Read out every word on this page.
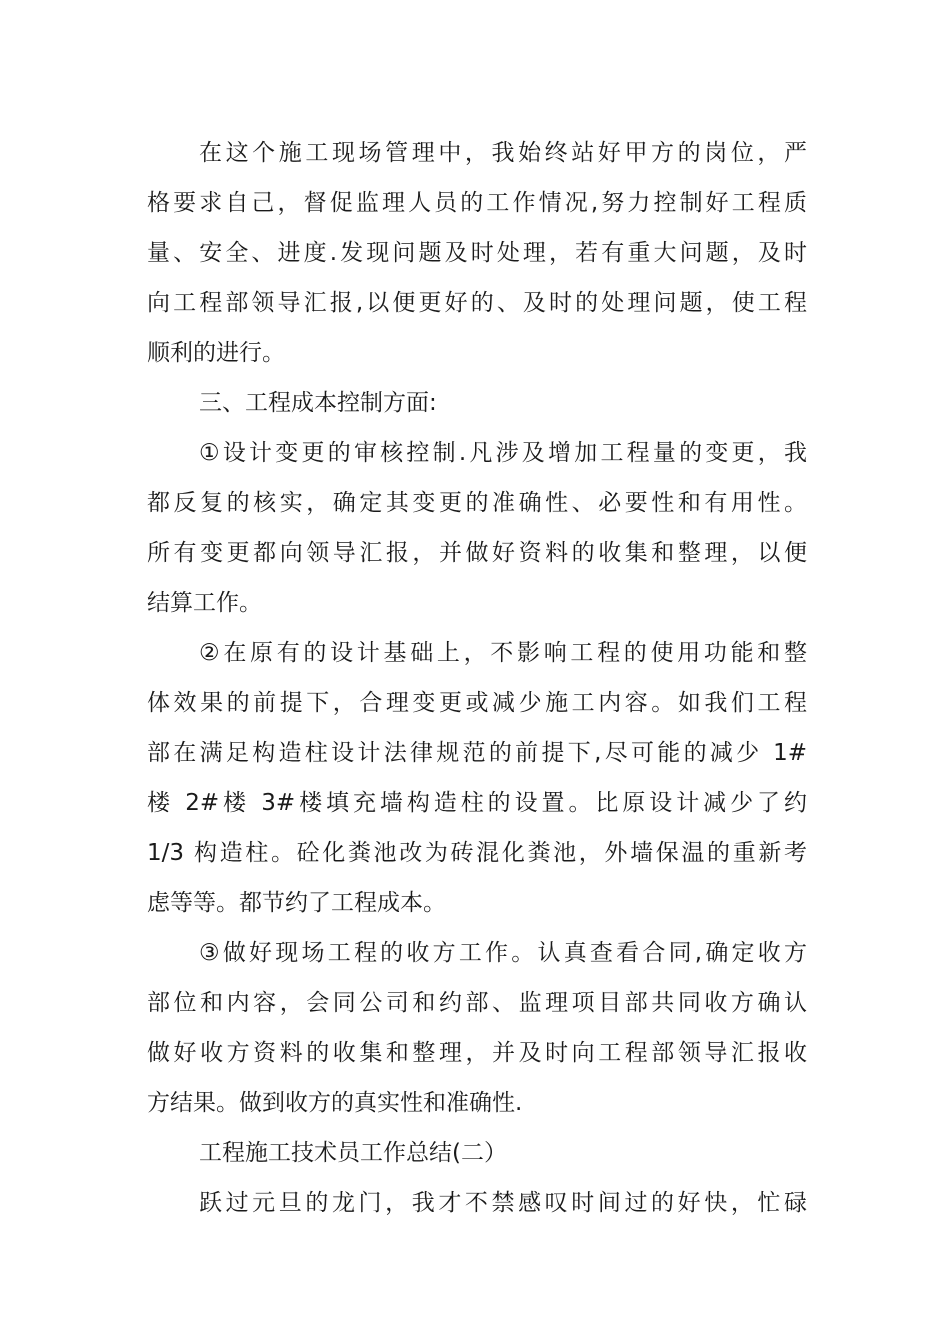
在这个施工现场管理中，我始终站好甲方的岗位，严
格要求自己，督促监理人员的工作情况,努力控制好工程质
量、安全、进度.发现问题及时处理，若有重大问题，及时
向工程部领导汇报,以便更好的、及时的处理问题，使工程
顺利的进行。
三、工程成本控制方面:
①设计变更的审核控制.凡涉及增加工程量的变更，我
都反复的核实，确定其变更的准确性、必要性和有用性。
所有变更都向领导汇报，并做好资料的收集和整理，以便
结算工作。
②在原有的设计基础上，不影响工程的使用功能和整
体效果的前提下，合理变更或减少施工内容。如我们工程
部在满足构造柱设计法律规范的前提下,尽可能的减少 1#
楼 2#楼 3#楼填充墙构造柱的设置。比原设计减少了约
1/3 构造柱。砼化粪池改为砖混化粪池，外墙保温的重新考
虑等等。都节约了工程成本。
③做好现场工程的收方工作。认真查看合同,确定收方
部位和内容，会同公司和约部、监理项目部共同收方确认
做好收方资料的收集和整理，并及时向工程部领导汇报收
方结果。做到收方的真实性和准确性.
工程施工技术员工作总结(二）
跃过元旦的龙门，我才不禁感叹时间过的好快，忙碌
